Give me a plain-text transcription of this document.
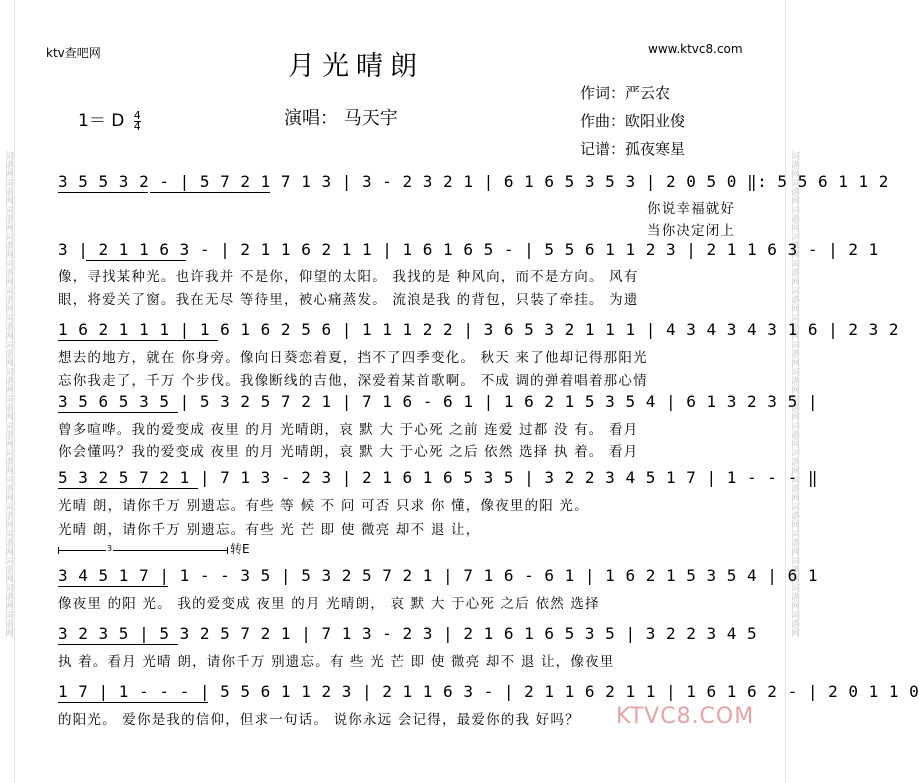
词谱网词谱网词谱网词谱网词谱网词谱网词谱网词谱网词谱网词谱网词谱网词谱网词谱网词谱网词谱网词谱网词谱网词谱网	词谱网词谱网词谱网词谱网词谱网词谱网词谱网词谱网词谱网词谱网词谱网词谱网词谱网词谱网词谱网词谱网词谱网词谱网
ktv查吧网	月光晴朗
www.ktvc8.com
1＝ D $\frac{4}{4}$	演唱： 马天宇
作词：严云农
作曲：欧阳业俊
记谱：孤夜寒星
3 5 5 3 2 - | 5 7 2 1 7 1 3 | 3 - 2 3 2 1 | 6 1 6 5 3 5 3 | 2 0 5 0 ‖: 5 5 6 1 1 2
你说幸福就好
当你决定闭上
3 | 2 1 1 6 3 - | 2 1 1 6 2 1 1 | 1 6 1 6 5 - | 5 5 6 1 1 2 3 | 2 1 1 6 3 - | 2 1
像，寻找某种光。也许我并 不是你，仰望的太阳。 我找的是 种风向，而不是方向。 风有
眼，将爱关了窗。我在无尽 等待里，被心痛蒸发。 流浪是我 的背包，只装了牵挂。 为遗
1 6 2 1 1 1 | 1 6 1 6 2 5 6 | 1 1 1 2 2 | 3 6 5 3 2 1 1 1 | 4 3 4 3 4 3 1 6 | 2 3 2
想去的地方，就在 你身旁。像向日葵恋着夏，挡不了四季变化。 秋天 来了他却记得那阳光
忘你我走了，千万 个步伐。我像断线的吉他，深爱着某首歌啊。 不成 调的弹着唱着那心情
3 5 6 5 3 5 | 5 3 2 5 7 2 1 | 7 1 6 - 6 1 | 1 6 2 1 5 3 5 4 | 6 1 3 2 3 5 |
曾多喧哗。我的爱变成 夜里 的月 光晴朗，哀 默 大 于心死 之前 连爱 过都 没 有。 看月
你会懂吗？我的爱变成 夜里 的月 光晴朗，哀 默 大 于心死 之后 依然 选择 执 着。 看月
5 3 2 5 7 2 1 | 7 1 3 - 2 3 | 2 1 6 1 6 5 3 5 | 3 2 2 3 4 5 1 7 | 1 - - - ‖
光晴 朗，请你千万 别遗忘。有些 等 候 不 问 可否 只求 你 懂，像夜里的阳 光。
光晴 朗，请你千万 别遗忘。有些 光 芒 即 使 微亮 却不 退 让，
3	转E
3 4 5 1 7 | 1 - - 3 5 | 5 3 2 5 7 2 1 | 7 1 6 - 6 1 | 1 6 2 1 5 3 5 4 | 6 1
像夜里 的阳 光。 我的爱变成 夜里 的月 光晴朗， 哀 默 大 于心死 之后 依然 选择
3 2 3 5 | 5 3 2 5 7 2 1 | 7 1 3 - 2 3 | 2 1 6 1 6 5 3 5 | 3 2 2 3 4 5
执 着。看月 光晴 朗，请你千万 别遗忘。有 些 光 芒 即 使 微亮 却不 退 让，像夜里
1 7 | 1 - - - | 5 5 6 1 1 2 3 | 2 1 1 6 3 - | 2 1 1 6 2 1 1 | 1 6 1 6 2 - | 2 0 1 1 0
的阳光。 爱你是我的信仰，但求一句话。 说你永远 会记得，最爱你的我 好吗？ KTVC8.COM
